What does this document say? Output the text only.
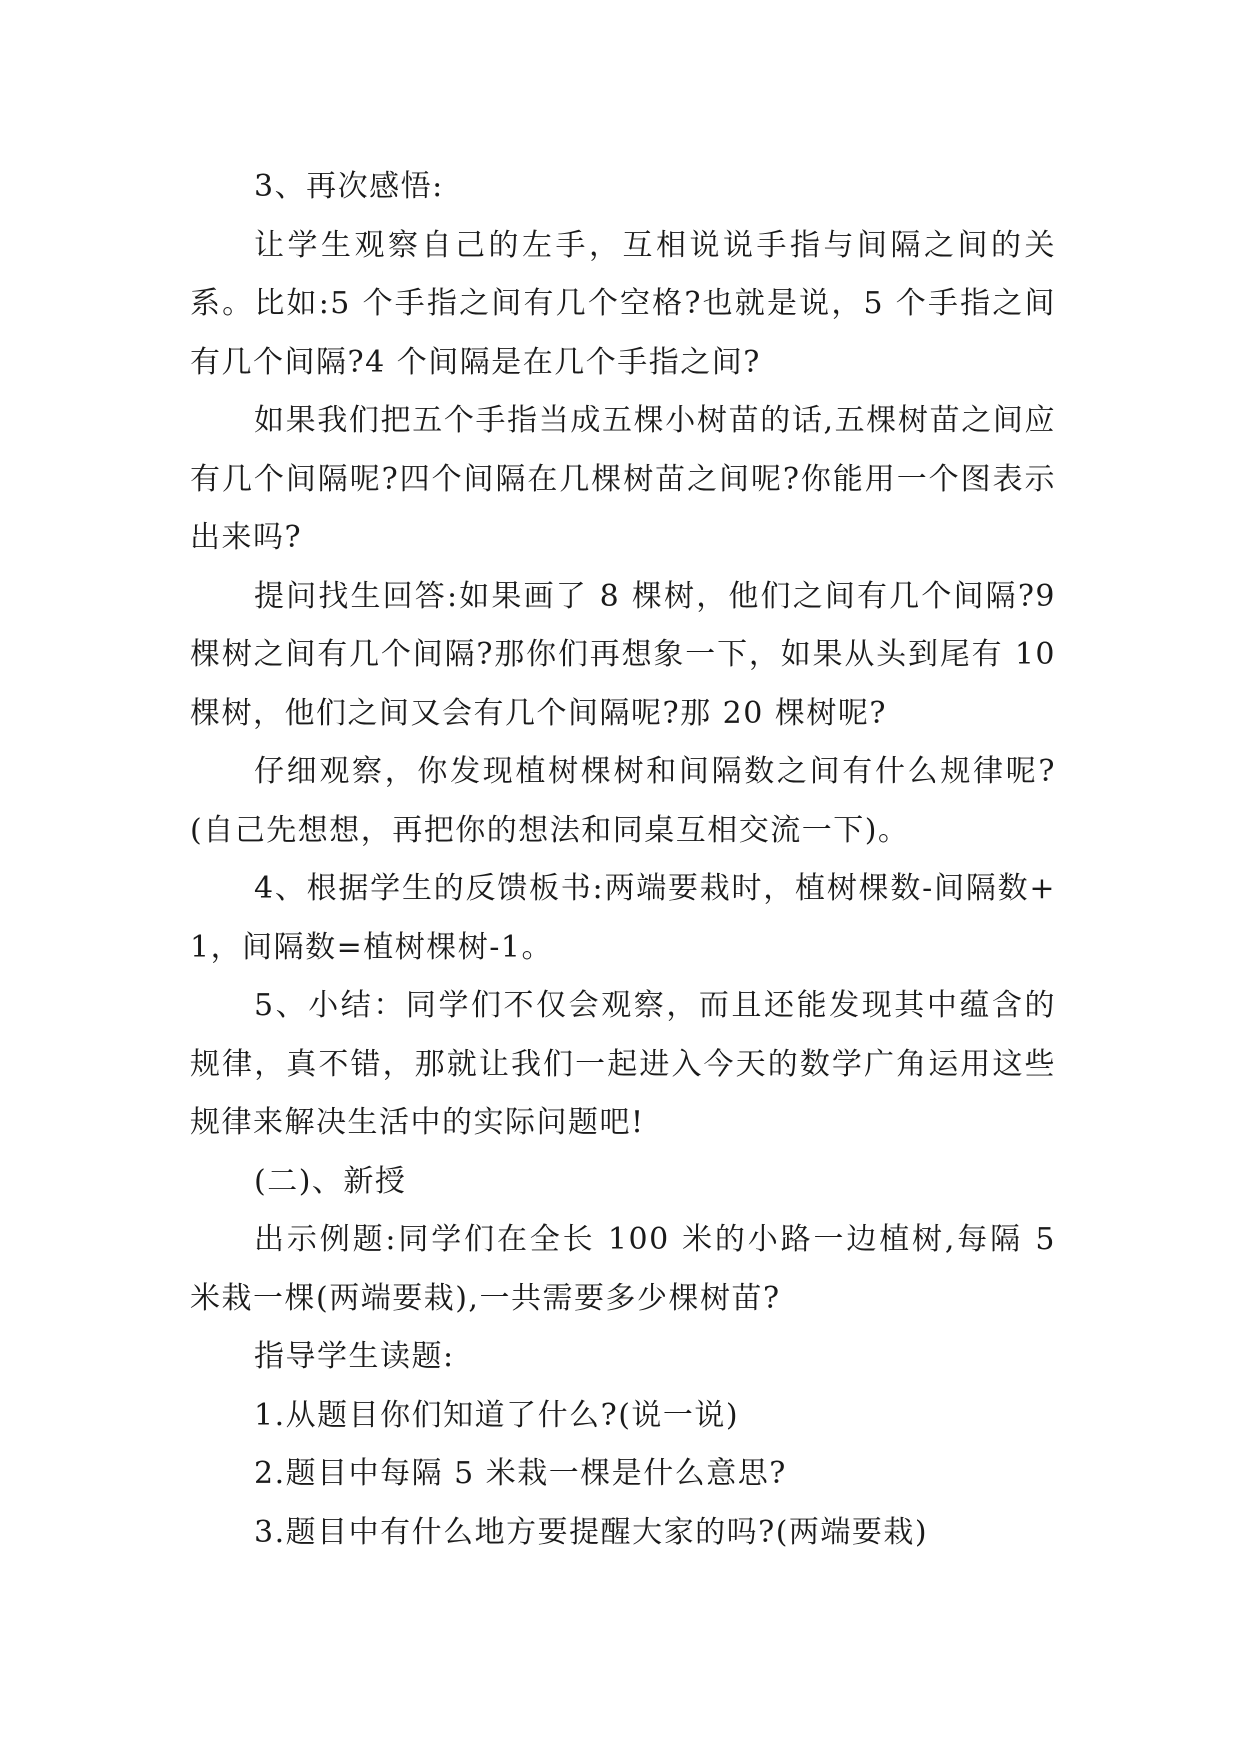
3、再次感悟:

让学生观察自己的左手，互相说说手指与间隔之间的关系。比如:5 个手指之间有几个空格?也就是说，5 个手指之间有几个间隔?4 个间隔是在几个手指之间?

如果我们把五个手指当成五棵小树苗的话,五棵树苗之间应有几个间隔呢?四个间隔在几棵树苗之间呢?你能用一个图表示出来吗?

提问找生回答:如果画了 8 棵树，他们之间有几个间隔?9 棵树之间有几个间隔?那你们再想象一下，如果从头到尾有 10 棵树，他们之间又会有几个间隔呢?那 20 棵树呢?

仔细观察，你发现植树棵树和间隔数之间有什么规律呢?(自己先想想，再把你的想法和同桌互相交流一下)。

4、根据学生的反馈板书:两端要栽时，植树棵数-间隔数+1，间隔数=植树棵树-1。

5、小结：同学们不仅会观察，而且还能发现其中蕴含的规律，真不错，那就让我们一起进入今天的数学广角运用这些规律来解决生活中的实际问题吧!

(二)、新授

出示例题:同学们在全长 100 米的小路一边植树,每隔 5 米栽一棵(两端要栽),一共需要多少棵树苗?

指导学生读题:

1.从题目你们知道了什么?(说一说)

2.题目中每隔 5 米栽一棵是什么意思?

3.题目中有什么地方要提醒大家的吗?(两端要栽)
